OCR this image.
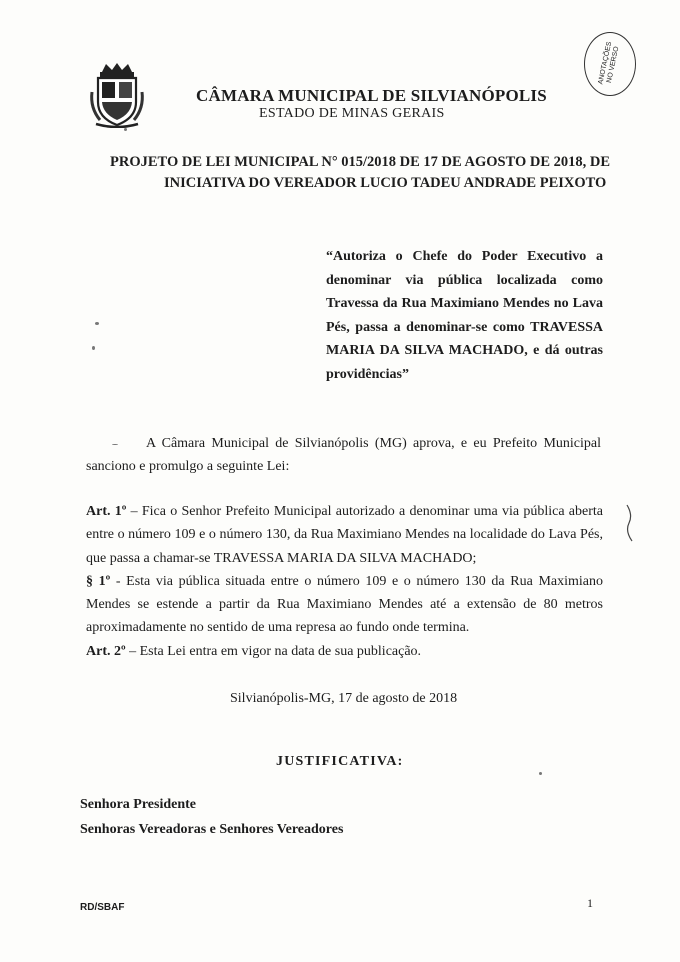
CÂMARA MUNICIPAL DE SILVIANÓPOLIS
ESTADO DE MINAS GERAIS
ANOTAÇÕES
NO VERSO
PROJETO DE LEI MUNICIPAL N° 015/2018 DE 17 DE AGOSTO DE 2018, DE
INICIATIVA DO VEREADOR LUCIO TADEU ANDRADE PEIXOTO
“Autoriza o Chefe do Poder Executivo a denominar via pública localizada como Travessa da Rua Maximiano Mendes no Lava Pés, passa a denominar-se como TRAVESSA MARIA DA SILVA MACHADO, e dá outras providências”
A Câmara Municipal de Silvianópolis (MG) aprova, e eu Prefeito Municipal sanciono e promulgo a seguinte Lei:

Art. 1º – Fica o Senhor Prefeito Municipal autorizado a denominar uma via pública aberta entre o número 109 e o número 130, da Rua Maximiano Mendes na localidade do Lava Pés, que passa a chamar-se TRAVESSA MARIA DA SILVA MACHADO;

§ 1º - Esta via pública situada entre o número 109 e o número 130 da Rua Maximiano Mendes se estende a partir da Rua Maximiano Mendes até a extensão de 80 metros aproximadamente no sentido de uma represa ao fundo onde termina.

Art. 2º – Esta Lei entra em vigor na data de sua publicação.

Silvianópolis-MG, 17 de agosto de 2018
JUSTIFICATIVA:
Senhora Presidente
Senhoras Vereadoras e Senhores Vereadores
RD/SBAF	1
